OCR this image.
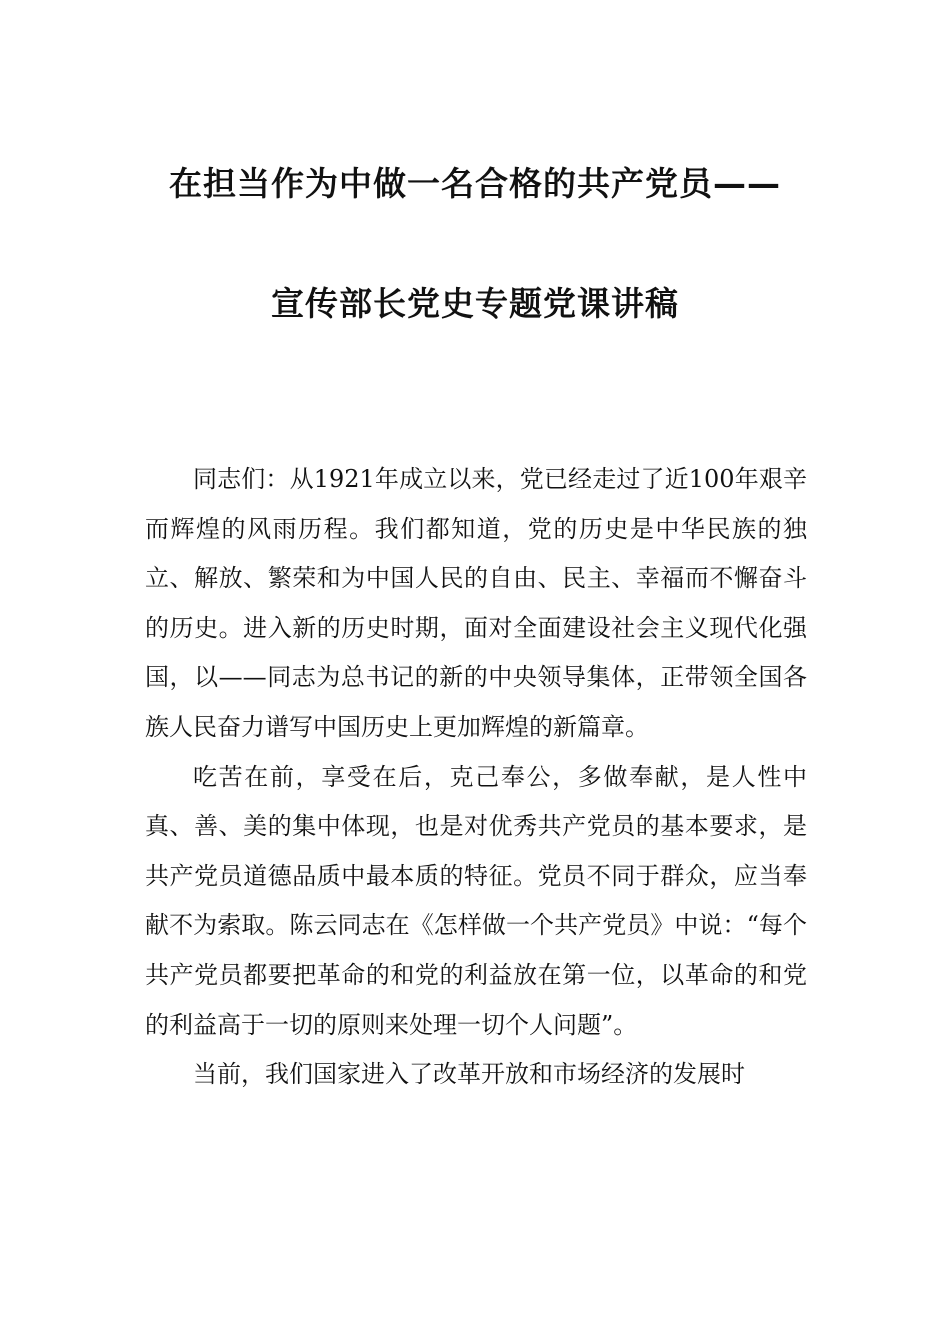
在担当作为中做一名合格的共产党员——
宣传部长党史专题党课讲稿

同志们：从1921年成立以来，党已经走过了近100年艰辛而辉煌的风雨历程。我们都知道，党的历史是中华民族的独立、解放、繁荣和为中国人民的自由、民主、幸福而不懈奋斗的历史。进入新的历史时期，面对全面建设社会主义现代化强国，以——同志为总书记的新的中央领导集体，正带领全国各族人民奋力谱写中国历史上更加辉煌的新篇章。

吃苦在前，享受在后，克己奉公，多做奉献，是人性中真、善、美的集中体现，也是对优秀共产党员的基本要求，是共产党员道德品质中最本质的特征。党员不同于群众，应当奉献不为索取。陈云同志在《怎样做一个共产党员》中说：“每个共产党员都要把革命的和党的利益放在第一位，以革命的和党的利益高于一切的原则来处理一切个人问题”。

当前，我们国家进入了改革开放和市场经济的发展时
